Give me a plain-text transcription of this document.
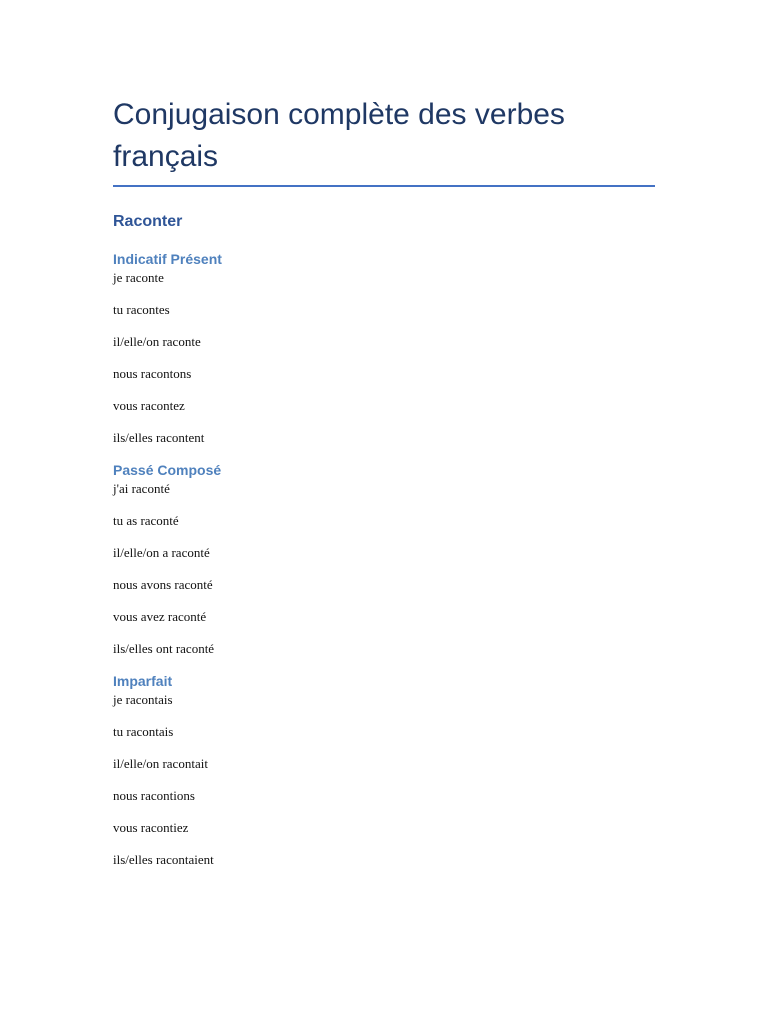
Conjugaison complète des verbes français
Raconter
Indicatif Présent
je raconte
tu racontes
il/elle/on raconte
nous racontons
vous racontez
ils/elles racontent
Passé Composé
j'ai raconté
tu as raconté
il/elle/on a raconté
nous avons raconté
vous avez raconté
ils/elles ont raconté
Imparfait
je racontais
tu racontais
il/elle/on racontait
nous racontions
vous racontiez
ils/elles racontaient
